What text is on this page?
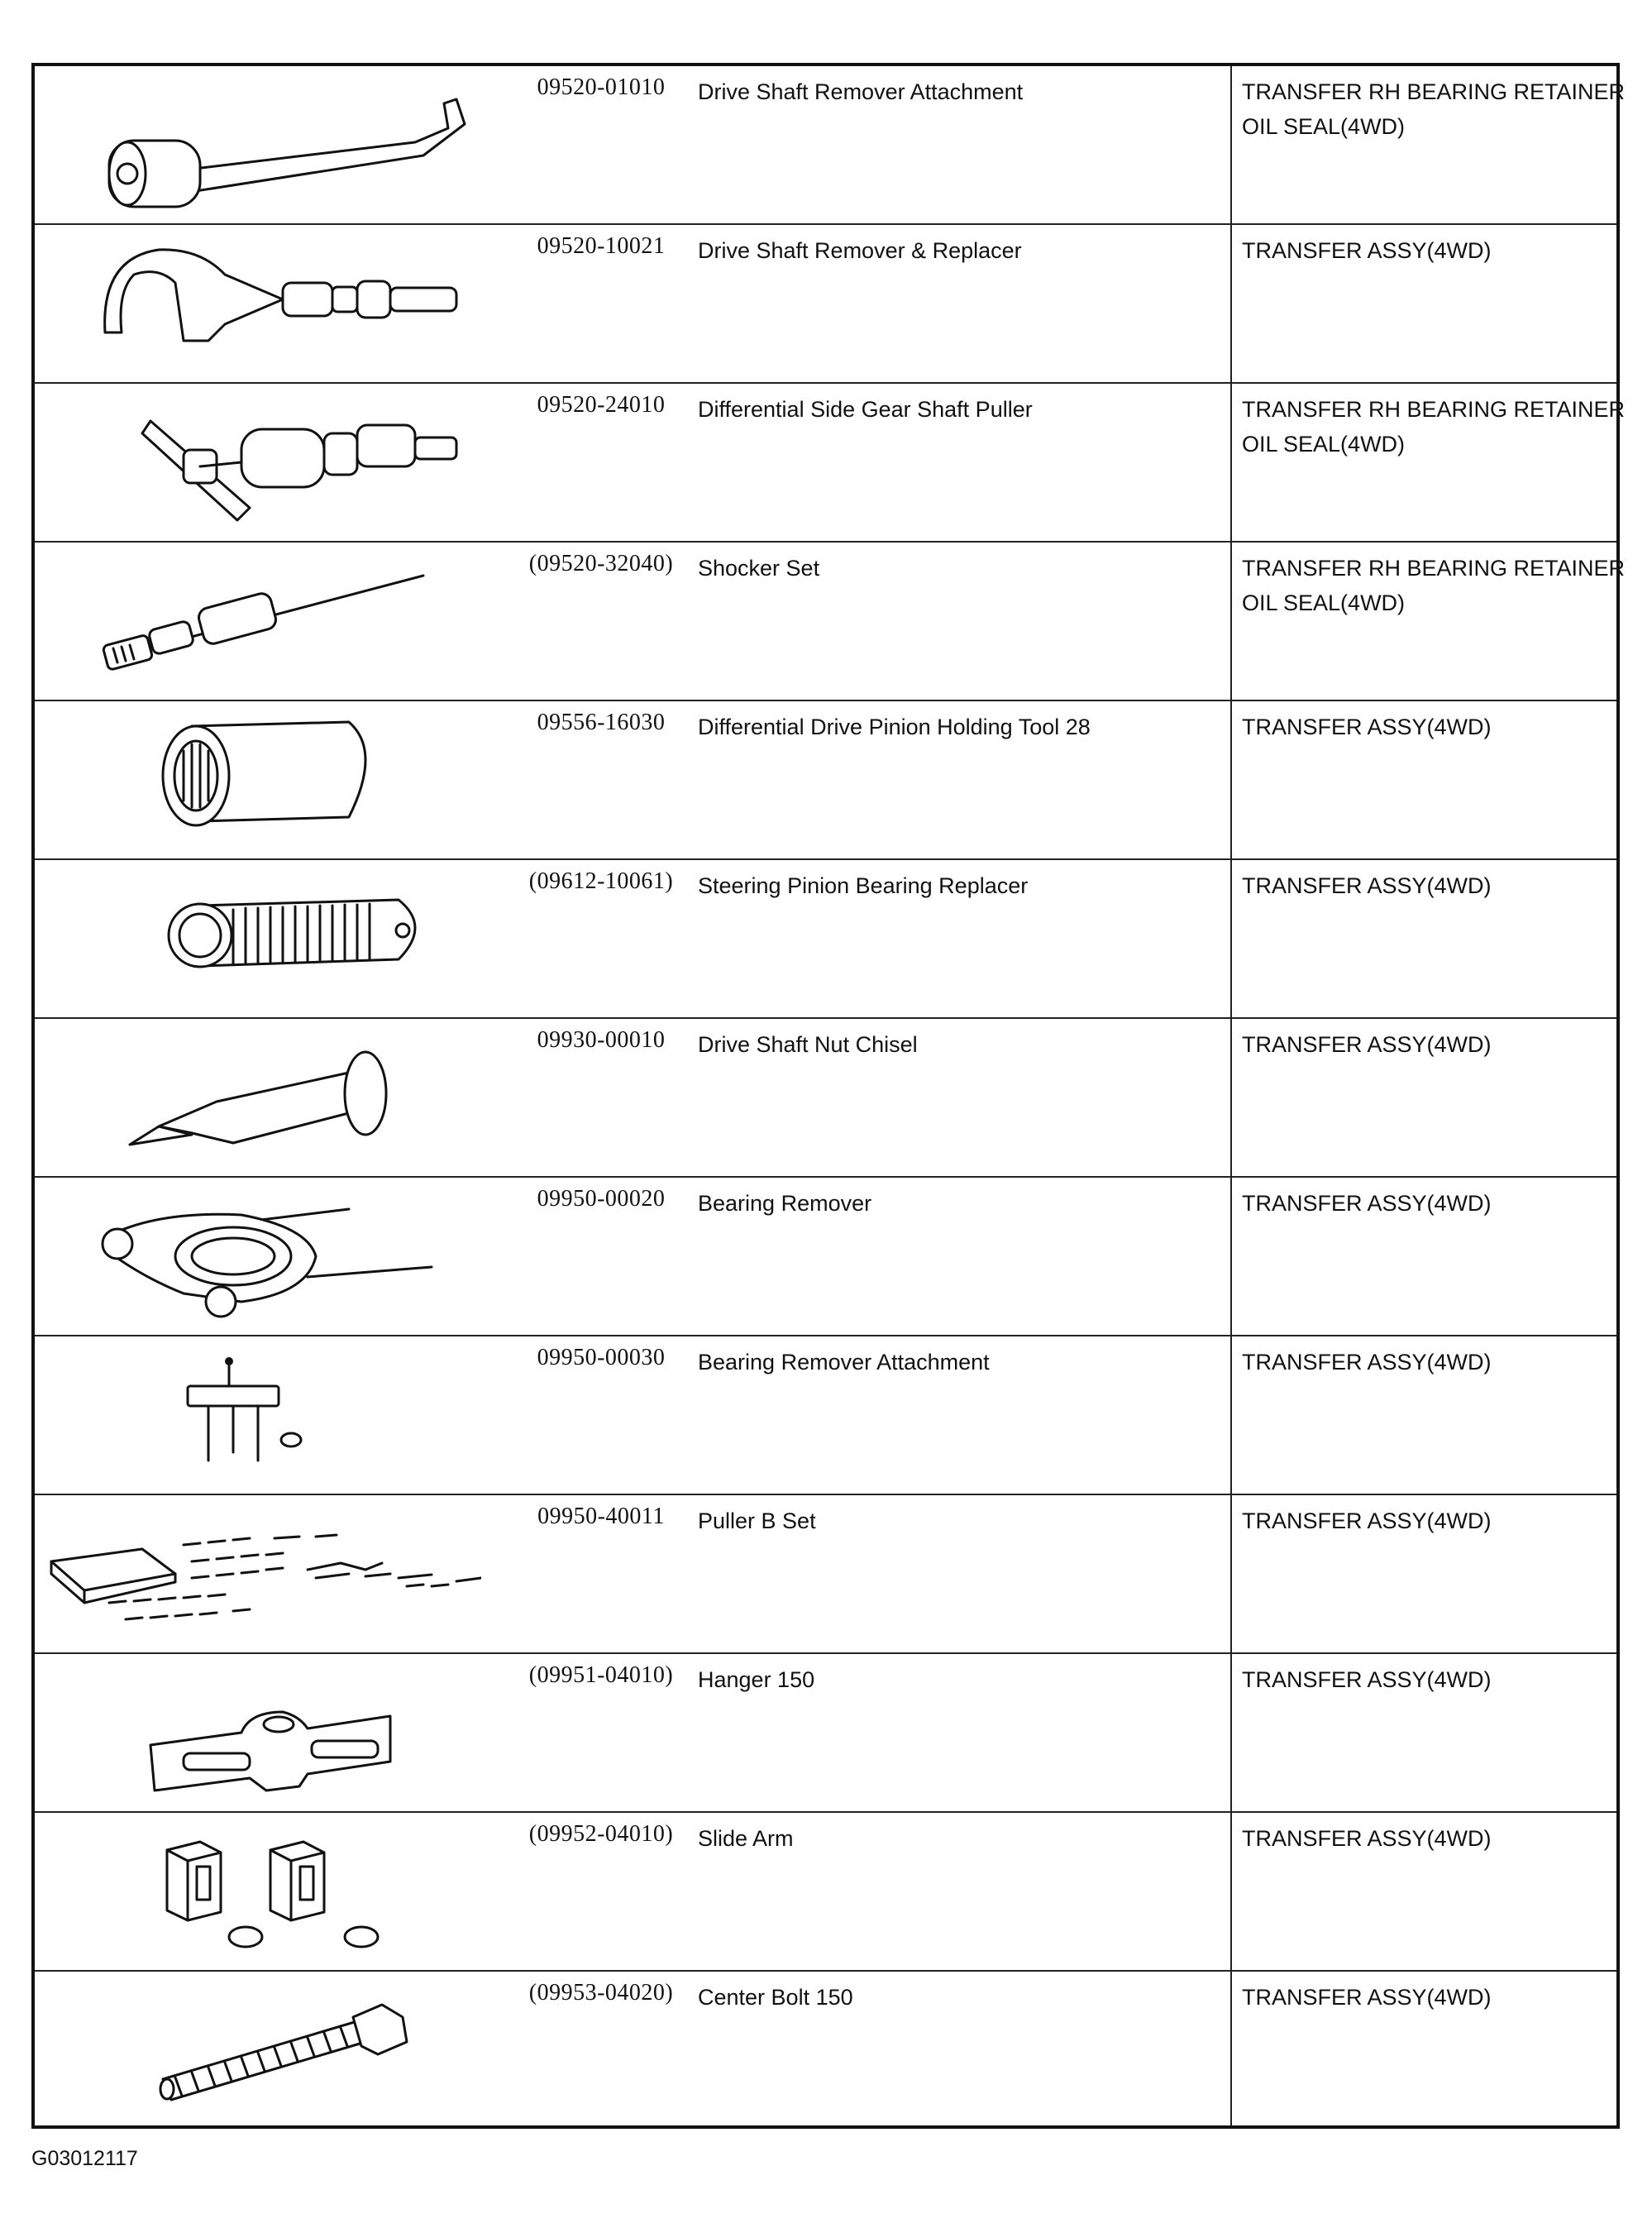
09520-01010	Drive Shaft Remover Attachment	TRANSFER RH BEARING RETAINER OIL SEAL(4WD)
09520-10021	Drive Shaft Remover & Replacer	TRANSFER ASSY(4WD)
09520-24010	Differential Side Gear Shaft Puller	TRANSFER RH BEARING RETAINER OIL SEAL(4WD)
(09520-32040)	Shocker Set	TRANSFER RH BEARING RETAINER OIL SEAL(4WD)
09556-16030	Differential Drive Pinion Holding Tool 28	TRANSFER ASSY(4WD)
(09612-10061)	Steering Pinion Bearing Replacer	TRANSFER ASSY(4WD)
09930-00010	Drive Shaft Nut Chisel	TRANSFER ASSY(4WD)
09950-00020	Bearing Remover	TRANSFER ASSY(4WD)
09950-00030	Bearing Remover Attachment	TRANSFER ASSY(4WD)
09950-40011	Puller B Set	TRANSFER ASSY(4WD)
(09951-04010)	Hanger 150	TRANSFER ASSY(4WD)
(09952-04010)	Slide Arm	TRANSFER ASSY(4WD)
(09953-04020)	Center Bolt 150	TRANSFER ASSY(4WD)
G03012117
